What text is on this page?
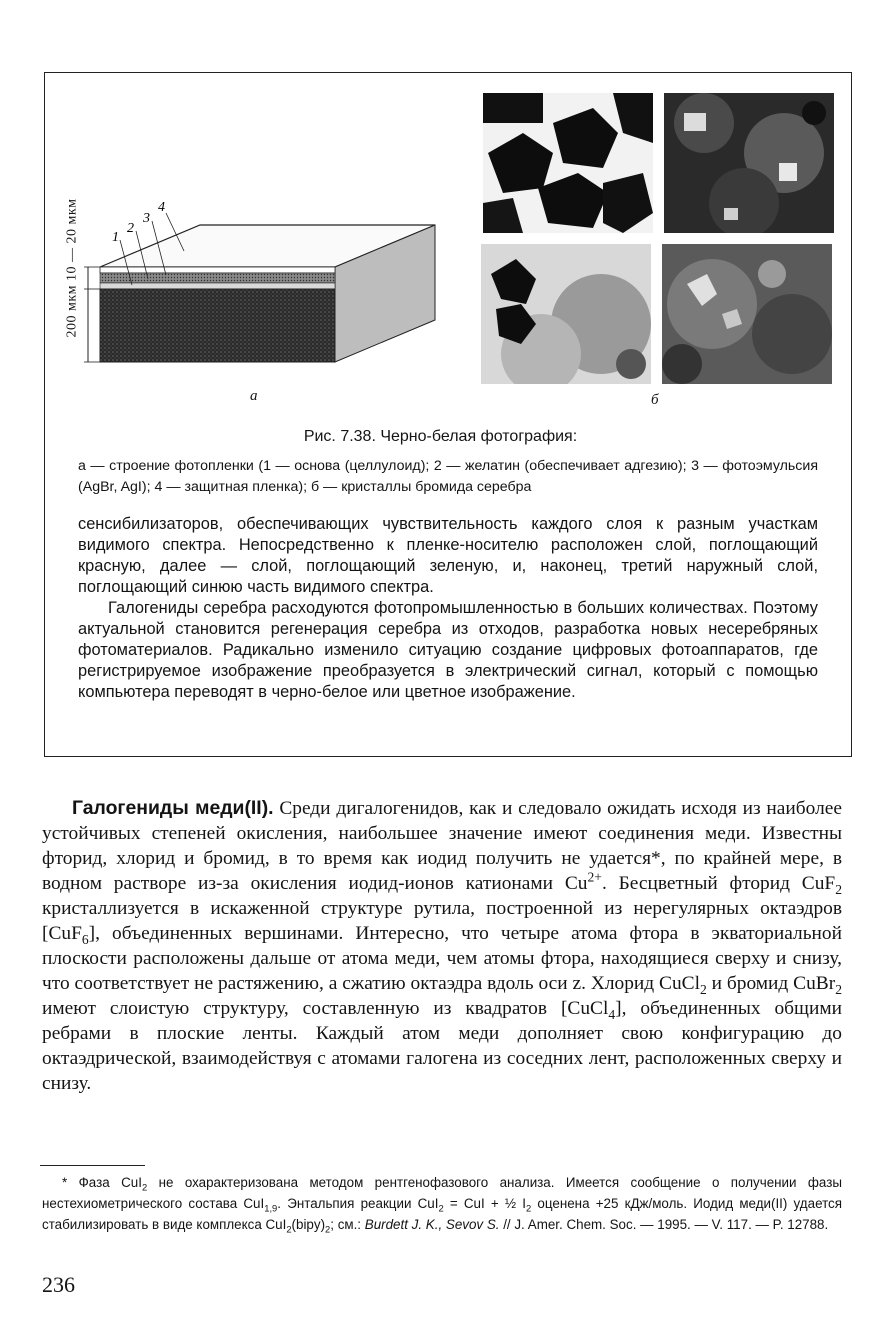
200 мкм 10 — 20 мкм 1
2
3
4
а	б
Рис. 7.38. Черно-белая фотография:
а — строение фотопленки (1 — основа (целлулоид); 2 — желатин (обеспечивает адгезию); 3 — фотоэмульсия (AgBr, AgI); 4 — защитная пленка); б — кристаллы бромида серебра

сенсибилизаторов, обеспечивающих чувствительность каждого слоя к разным участкам видимого спектра. Непосредственно к пленке-носителю расположен слой, поглощающий красную, далее — слой, поглощающий зеленую, и, наконец, третий наружный слой, поглощающий синюю часть видимого спектра.

Галогениды серебра расходуются фотопромышленностью в больших количествах. Поэтому актуальной становится регенерация серебра из отходов, разработка новых несеребряных фотоматериалов. Радикально изменило ситуацию создание цифровых фотоаппаратов, где регистрируемое изображение преобразуется в электрический сигнал, который с помощью компьютера переводят в черно-белое или цветное изображение.

Галогениды меди(II). Среди дигалогенидов, как и следовало ожидать исходя из наиболее устойчивых степеней окисления, наибольшее значение имеют соединения меди. Известны фторид, хлорид и бромид, в то время как иодид получить не удается*, по крайней мере, в водном растворе из-за окисления иодид-ионов катионами $Cu^{2+}$. Бесцветный фторид CuF$_2$ кристаллизуется в искаженной структуре рутила, построенной из нерегулярных октаэдров [CuF$_6$], объединенных вершинами. Интересно, что четыре атома фтора в экваториальной плоскости расположены дальше от атома меди, чем атомы фтора, находящиеся сверху и снизу, что соответствует не растяжению, а сжатию октаэдра вдоль оси z. Хлорид CuCl$_2$ и бромид CuBr$_2$ имеют слоистую структуру, составленную из квадратов [CuCl$_4$], объединенных общими ребрами в плоские ленты. Каждый атом меди дополняет свою конфигурацию до октаэдрической, взаимодействуя с атомами галогена из соседних лент, расположенных сверху и снизу.

* Фаза CuI$_2$ не охарактеризована методом рентгенофазового анализа. Имеется сообщение о получении фазы нестехиометрического состава CuI$_{1,9}$. Энтальпия реакции CuI$_2$ = CuI + ½ $I_2$ оценена +25 кДж/моль. Иодид меди(II) удается стабилизировать в виде комплекса $CuI_2(bipy)_2$; см.: Burdett J. K., Sevov S. // J. Amer. Chem. Soc. — 1995. — V. 117. — P. 12788.

236
